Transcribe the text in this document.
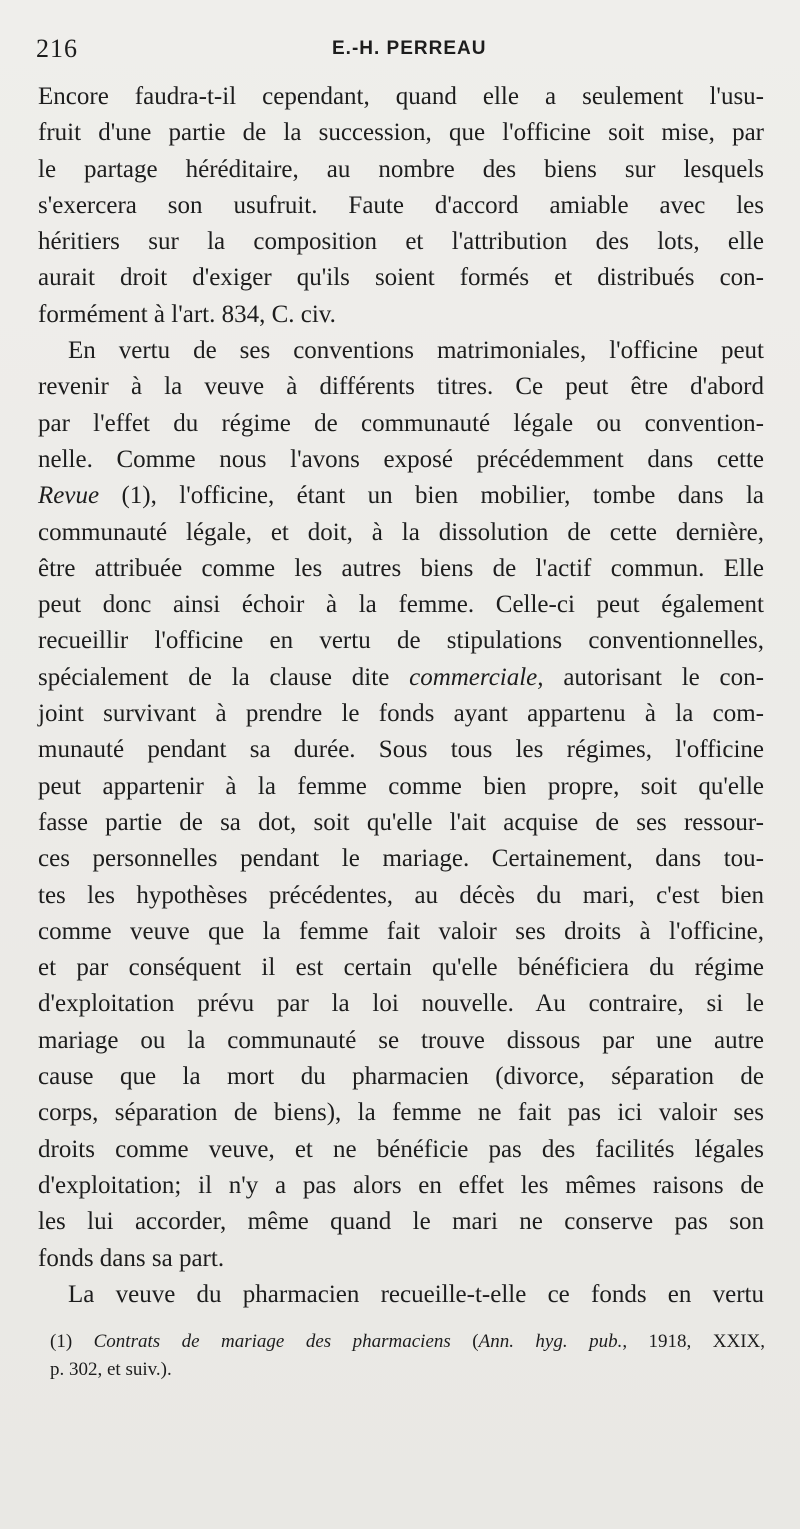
216	E.-H. PERREAU
Encore faudra-t-il cependant, quand elle a seulement l'usu-
fruit d'une partie de la succession, que l'officine soit mise, par
le partage héréditaire, au nombre des biens sur lesquels
s'exercera son usufruit. Faute d'accord amiable avec les
héritiers sur la composition et l'attribution des lots, elle
aurait droit d'exiger qu'ils soient formés et distribués con-
formément à l'art. 834, C. civ.
En vertu de ses conventions matrimoniales, l'officine peut
revenir à la veuve à différents titres. Ce peut être d'abord
par l'effet du régime de communauté légale ou convention-
nelle. Comme nous l'avons exposé précédemment dans cette
Revue (1), l'officine, étant un bien mobilier, tombe dans la
communauté légale, et doit, à la dissolution de cette dernière,
être attribuée comme les autres biens de l'actif commun. Elle
peut donc ainsi échoir à la femme. Celle-ci peut également
recueillir l'officine en vertu de stipulations conventionnelles,
spécialement de la clause dite commerciale, autorisant le con-
joint survivant à prendre le fonds ayant appartenu à la com-
munauté pendant sa durée. Sous tous les régimes, l'officine
peut appartenir à la femme comme bien propre, soit qu'elle
fasse partie de sa dot, soit qu'elle l'ait acquise de ses ressour-
ces personnelles pendant le mariage. Certainement, dans tou-
tes les hypothèses précédentes, au décès du mari, c'est bien
comme veuve que la femme fait valoir ses droits à l'officine,
et par conséquent il est certain qu'elle bénéficiera du régime
d'exploitation prévu par la loi nouvelle. Au contraire, si le
mariage ou la communauté se trouve dissous par une autre
cause que la mort du pharmacien (divorce, séparation de
corps, séparation de biens), la femme ne fait pas ici valoir ses
droits comme veuve, et ne bénéficie pas des facilités légales
d'exploitation; il n'y a pas alors en effet les mêmes raisons de
les lui accorder, même quand le mari ne conserve pas son
fonds dans sa part.
La veuve du pharmacien recueille-t-elle ce fonds en vertu
(1) Contrats de mariage des pharmaciens (Ann. hyg. pub., 1918, XXIX,
p. 302, et suiv.).
